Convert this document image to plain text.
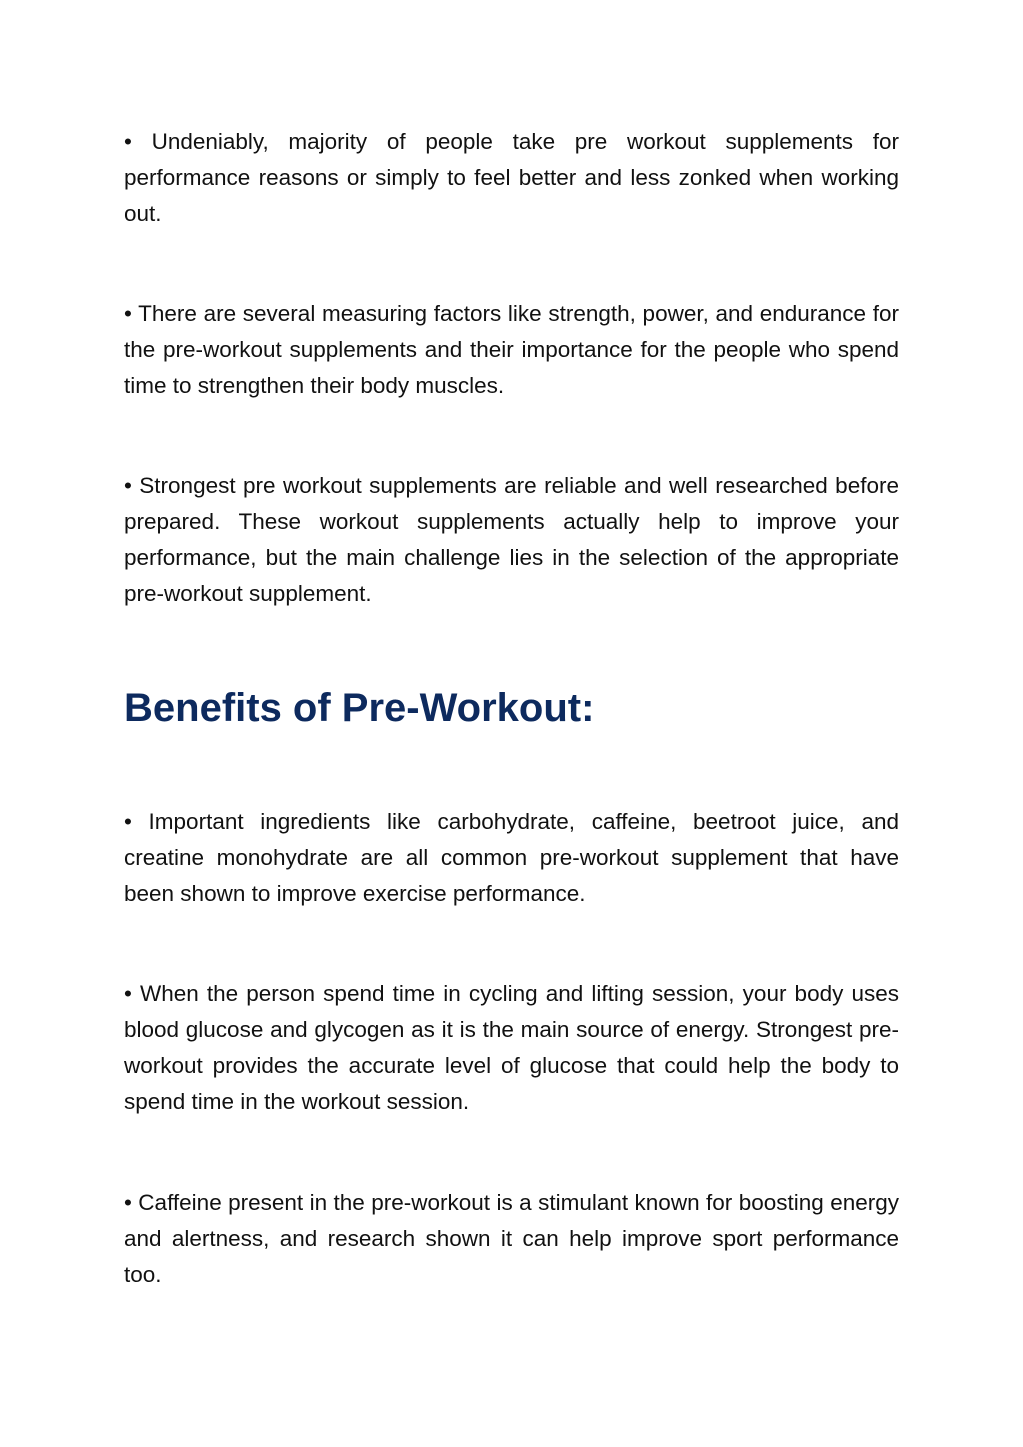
• Undeniably, majority of people take pre workout supplements for performance reasons or simply to feel better and less zonked when working out.

• There are several measuring factors like strength, power, and endurance for the pre-workout supplements and their importance for the people who spend time to strengthen their body muscles.

• Strongest pre workout supplements are reliable and well researched before prepared. These workout supplements actually help to improve your performance, but the main challenge lies in the selection of the appropriate pre-workout supplement.

Benefits of Pre-Workout:

• Important ingredients like carbohydrate, caffeine, beetroot juice, and creatine monohydrate are all common pre-workout supplement that have been shown to improve exercise performance.

• When the person spend time in cycling and lifting session, your body uses blood glucose and glycogen as it is the main source of energy. Strongest pre-workout provides the accurate level of glucose that could help the body to spend time in the workout session.

• Caffeine present in the pre-workout is a stimulant known for boosting energy and alertness, and research shown it can help improve sport performance too.
